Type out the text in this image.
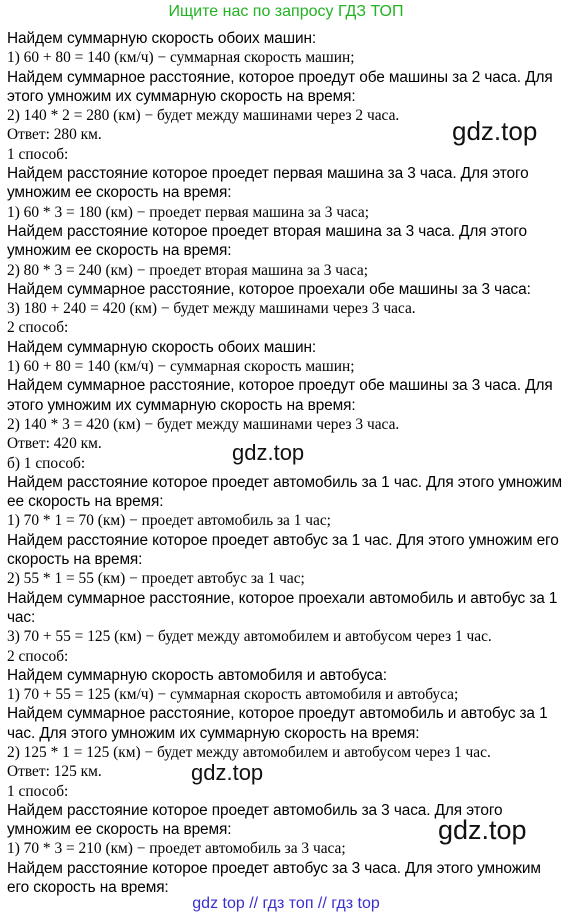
Ищите нас по запросу ГДЗ ТОП
Найдем суммарную скорость обоих машин:
1) 60 + 80 = 140 (км/ч) − суммарная скорость машин;
Найдем суммарное расстояние, которое проедут обе машины за 2 часа. Для
этого умножим их суммарную скорость на время:
2) 140 * 2 = 280 (км) − будет между машинами через 2 часа.
Ответ: 280 км.
1 способ:
Найдем расстояние которое проедет первая машина за 3 часа. Для этого
умножим ее скорость на время:
1) 60 * 3 = 180 (км) − проедет первая машина за 3 часа;
Найдем расстояние которое проедет вторая машина за 3 часа. Для этого
умножим ее скорость на время:
2) 80 * 3 = 240 (км) − проедет вторая машина за 3 часа;
Найдем суммарное расстояние, которое проехали обе машины за 3 часа:
3) 180 + 240 = 420 (км) − будет между машинами через 3 часа.
2 способ:
Найдем суммарную скорость обоих машин:
1) 60 + 80 = 140 (км/ч) − суммарная скорость машин;
Найдем суммарное расстояние, которое проедут обе машины за 3 часа. Для
этого умножим их суммарную скорость на время:
2) 140 * 3 = 420 (км) − будет между машинами через 3 часа.
Ответ: 420 км.
б) 1 способ:
Найдем расстояние которое проедет автомобиль за 1 час. Для этого умножим
ее скорость на время:
1) 70 * 1 = 70 (км) − проедет автомобиль за 1 час;
Найдем расстояние которое проедет автобус за 1 час. Для этого умножим его
скорость на время:
2) 55 * 1 = 55 (км) − проедет автобус за 1 час;
Найдем суммарное расстояние, которое проехали автомобиль и автобус за 1
час:
3) 70 + 55 = 125 (км) − будет между автомобилем и автобусом через 1 час.
2 способ:
Найдем суммарную скорость автомобиля и автобуса:
1) 70 + 55 = 125 (км/ч) − суммарная скорость автомобиля и автобуса;
Найдем суммарное расстояние, которое проедут автомобиль и автобус за 1
час. Для этого умножим их суммарную скорость на время:
2) 125 * 1 = 125 (км) − будет между автомобилем и автобусом через 1 час.
Ответ: 125 км.
1 способ:
Найдем расстояние которое проедет автомобиль за 3 часа. Для этого
умножим ее скорость на время:
1) 70 * 3 = 210 (км) − проедет автомобиль за 3 часа;
Найдем расстояние которое проедет автобус за 3 часа. Для этого умножим
его скорость на время:
gdz.top
gdz.top
gdz.top
gdz.top
gdz top // гдз топ // гдз top
